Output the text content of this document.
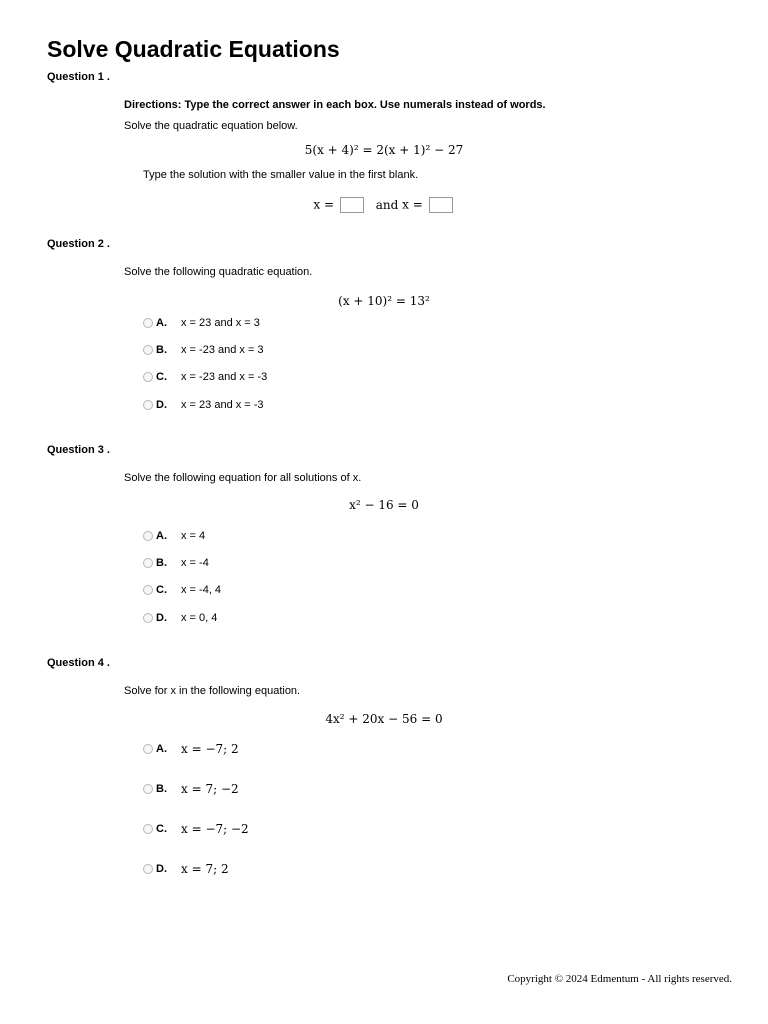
Solve Quadratic Equations
Question 1 .
Directions: Type the correct answer in each box. Use numerals instead of words.
Solve the quadratic equation below.
5(x + 4)² = 2(x + 1)² − 27
Type the solution with the smaller value in the first blank.
x =	and x =
Question 2 .
Solve the following quadratic equation.
(x + 10)² = 13²
A.	x = 23 and x = 3
B.	x = -23 and x = 3
C.	x = -23 and x = -3
D.	x = 23 and x = -3
Question 3 .
Solve the following equation for all solutions of x.
x² − 16 = 0
A.	x = 4
B.	x = -4
C.	x = -4, 4
D.	x = 0, 4
Question 4 .
Solve for x in the following equation.
4x² + 20x − 56 = 0
A.	x = −7; 2
B.	x = 7; −2
C.	x = −7; −2
D.	x = 7; 2
Copyright © 2024 Edmentum - All rights reserved.
